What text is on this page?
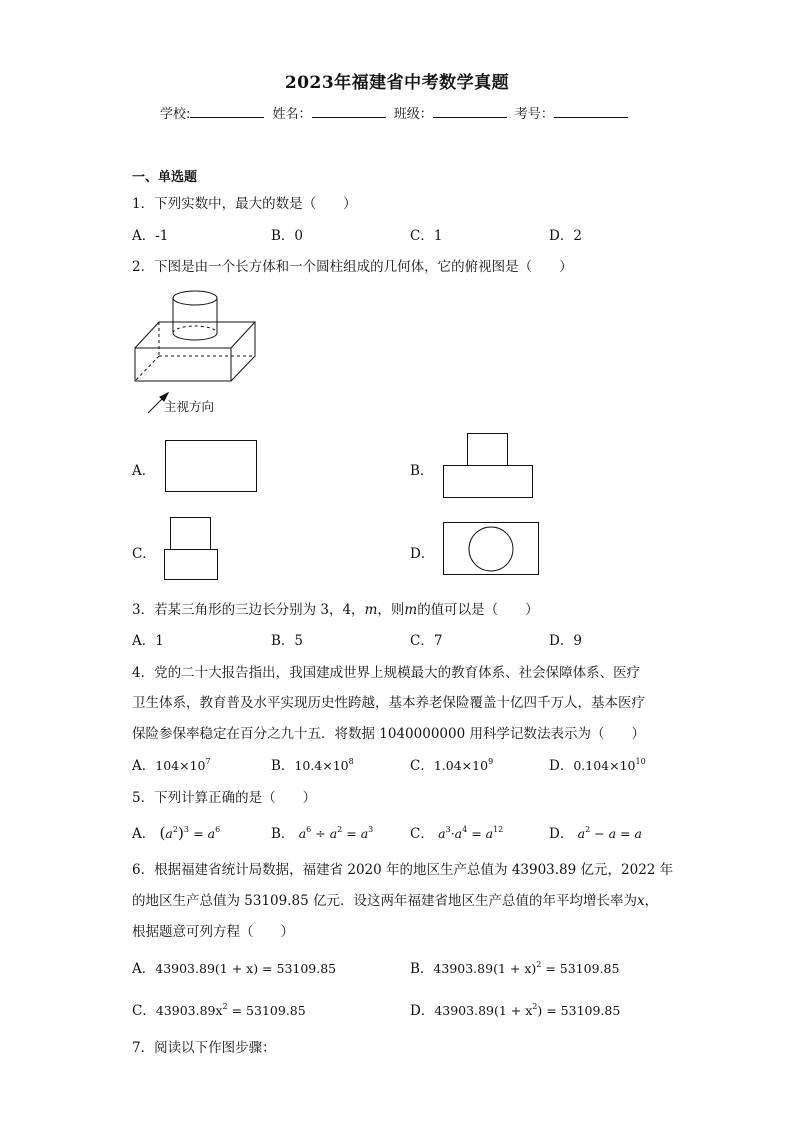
2023年福建省中考数学真题
学校:	姓名：	班级：	考号：
一、单选题
1．下列实数中，最大的数是（　　）
A．-1	B．0	C．1	D．2
2．下图是由一个长方体和一个圆柱组成的几何体，它的俯视图是（　　）
主视方向
A．	B．
C．	D．
3．若某三角形的三边长分别为 3，4，m，则m的值可以是（　　）
A．1	B．5	C．7	D．9
4．党的二十大报告指出，我国建成世界上规模最大的教育体系、社会保障体系、医疗
卫生体系，教育普及水平实现历史性跨越，基本养老保险覆盖十亿四千万人，基本医疗
保险参保率稳定在百分之九十五．将数据 1040000000 用科学记数法表示为（　　）
A．$104\times 10^7$	B．$10.4\times 10^8$	C．$1.04\times 10^9$	D．$0.104\times 10^{10}$
5．下列计算正确的是（　　）
A． $(a^2)^3 = a^6$	B． $a^6 \div a^2 = a^3$	C． $a^3\cdot a^4 = a^{12}$	D． $a^2 - a = a$
6．根据福建省统计局数据，福建省 2020 年的地区生产总值为 43903.89 亿元，2022 年
的地区生产总值为 53109.85 亿元．设这两年福建省地区生产总值的年平均增长率为x，
根据题意可列方程（　　）
A．43903.89(1 + x) = 53109.85	B．$43903.89(1 + x)^2 = 53109.85$
C．$43903.89x^2 = 53109.85$	D．$43903.89(1 + x^2) = 53109.85$
7．阅读以下作图步骤：
